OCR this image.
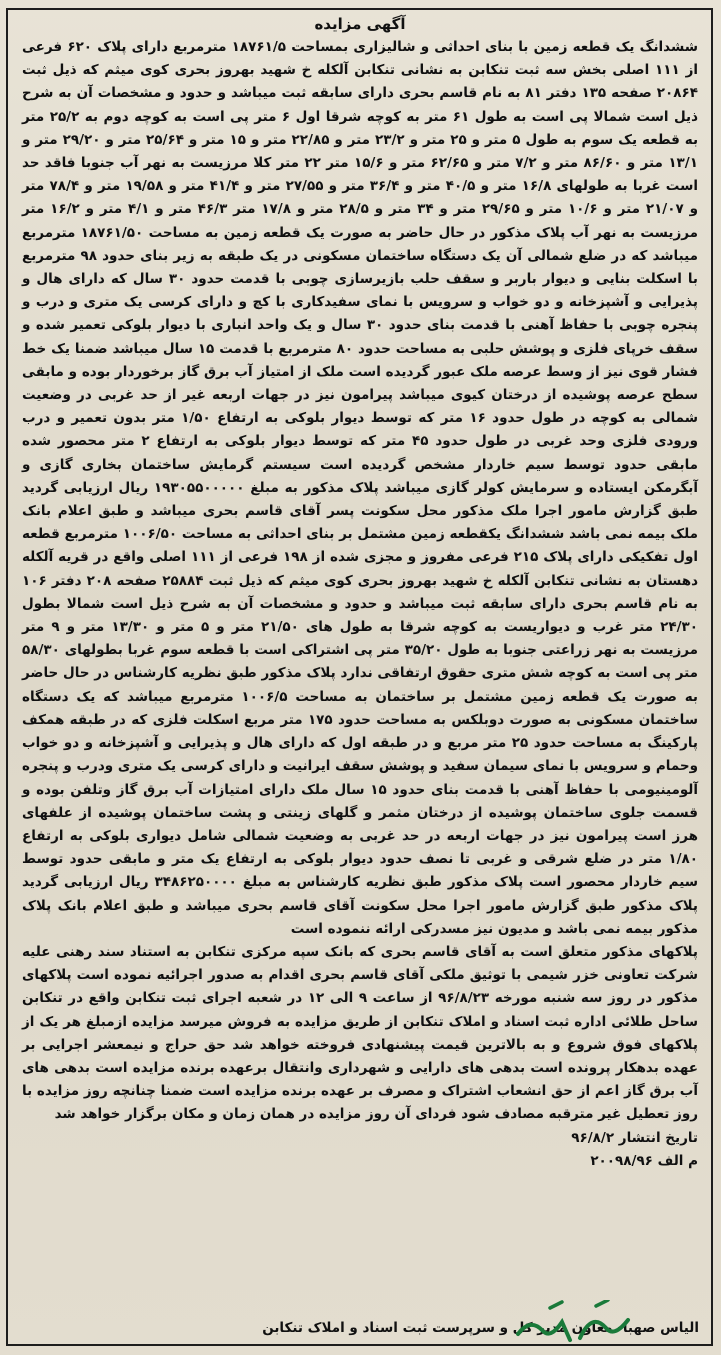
آگهی مزایده

ششدانگ یک قطعه زمین با بنای احداثی و شالیزاری بمساحت ۱۸۷۶۱/۵ مترمربع دارای پلاک ۶۲۰ فرعی از ۱۱۱ اصلی بخش سه ثبت تنکابن به نشانی تنکابن آلکله خ شهید بهروز بحری کوی میثم که ذیل ثبت ۲۰۸۶۴ صفحه ۱۳۵ دفتر ۸۱ به نام قاسم بحری دارای سابقه ثبت میباشد و حدود و مشخصات آن به شرح ذیل است شمالا پی است به طول ۶۱ متر به کوچه شرقا اول ۶ متر پی است به کوچه دوم به ۲۵/۲ متر به قطعه یک سوم به طول ۵ متر و ۲۵ متر و ۲۳/۲ متر و ۲۲/۸۵ متر و ۱۵ متر و ۲۵/۶۴ متر و ۲۹/۲۰ متر و ۱۳/۱ متر و ۸۶/۶۰ متر و ۷/۲ متر و ۶۲/۶۵ متر و ۱۵/۶ متر ۲۲ متر کلا مرزیست به نهر آب جنوبا فاقد حد است غربا به طولهای ۱۶/۸ متر و ۴۰/۵ متر و ۳۶/۴ متر و ۲۷/۵۵ متر و ۴۱/۴ متر و ۱۹/۵۸ متر و ۷۸/۴ متر و ۲۱/۰۷ متر و ۱۰/۶ متر و ۲۹/۶۵ متر و ۳۴ متر و ۲۸/۵ متر و ۱۷/۸ متر ۴۶/۳ متر و ۴/۱ متر و ۱۶/۲ متر مرزیست به نهر آب پلاک مذکور در حال حاضر به صورت یک قطعه زمین به مساحت ۱۸۷۶۱/۵۰ مترمربع میباشد که در ضلع شمالی آن یک دستگاه ساختمان مسکونی در یک طبقه به زیر بنای حدود ۹۸ مترمربع با اسکلت بنایی و دیوار باربر و سقف حلب بازیرسازی چوبی با قدمت حدود ۳۰ سال که دارای هال و پذیرایی و آشپزخانه و دو خواب و سرویس با نمای سفیدکاری با کچ و دارای کرسی یک متری و درب و پنجره چوبی با حفاظ آهنی با قدمت بنای حدود ۳۰ سال و یک واحد انباری با دیوار بلوکی تعمیر شده و سقف خرپای فلزی و پوشش حلبی به مساحت حدود ۸۰ مترمربع با قدمت ۱۵ سال میباشد ضمنا یک خط فشار قوی نیز از وسط عرصه ملک عبور گردیده است ملک از امتیاز آب برق گاز برخوردار بوده و مابقی سطح عرصه پوشیده از درختان کیوی میباشد پیرامون نیز در جهات اربعه غیر از حد غربی در وضعیت شمالی به کوچه در طول حدود ۱۶ متر که توسط دیوار بلوکی به ارتفاع ۱/۵۰ متر بدون تعمیر و درب ورودی فلزی وحد غربی در طول حدود ۴۵ متر که توسط دیوار بلوکی به ارتفاع ۲ متر محصور شده مابقی حدود توسط سیم خاردار مشخص گردیده است سیستم گرمایش ساختمان بخاری گازی و آبگرمکن ایستاده و سرمایش کولر گازی میباشد پلاک مذکور به مبلغ ۱۹۳۰۵۵۰۰۰۰۰ ریال ارزیابی گردید طبق گزارش مامور اجرا ملک مذکور محل سکونت پسر آقای قاسم بحری میباشد و طبق اعلام بانک ملک بیمه نمی باشد ششدانگ یکقطعه زمین مشتمل بر بنای احداثی به مساحت ۱۰۰۶/۵۰ مترمربع قطعه اول تفکیکی دارای پلاک ۲۱۵ فرعی مفروز و مجزی شده از ۱۹۸ فرعی از ۱۱۱ اصلی واقع در قریه آلکله دهستان به نشانی تنکابن آلکله خ شهید بهروز بحری کوی میثم که ذیل ثبت ۲۵۸۸۴ صفحه ۲۰۸ دفتر ۱۰۶ به نام قاسم بحری دارای سابقه ثبت میباشد و حدود و مشخصات آن به شرح ذیل است شمالا بطول ۲۴/۳۰ متر غرب و دیواریست به کوچه شرقا به طول های ۲۱/۵۰ متر و ۵ متر و ۱۳/۳۰ متر و ۹ متر مرزیست به نهر زراعتی جنوبا به طول ۳۵/۲۰ متر پی اشتراکی است با قطعه سوم غربا بطولهای ۵۸/۳۰ متر پی است به کوچه شش متری حقوق ارتفاقی ندارد پلاک مذکور طبق نظریه کارشناس در حال حاضر به صورت یک قطعه زمین مشتمل بر ساختمان به مساحت ۱۰۰۶/۵ مترمربع میباشد که یک دستگاه ساختمان مسکونی به صورت دوبلکس به مساحت حدود ۱۷۵ متر مربع اسکلت فلزی که در طبقه همکف پارکینگ به مساحت حدود ۲۵ متر مربع و در طبقه اول که دارای هال و پذیرایی و آشپزخانه و دو خواب وحمام و سرویس با نمای سیمان سفید و پوشش سقف ایرانیت و دارای کرسی یک متری ودرب و پنجره آلومینیومی با حفاظ آهنی با قدمت بنای حدود ۱۵ سال ملک دارای امتیازات آب برق گاز وتلفن بوده و قسمت جلوی ساختمان پوشیده از درختان مثمر و گلهای زینتی و پشت ساختمان پوشیده از علفهای هرز است پیرامون نیز در جهات اربعه در حد غربی به وضعیت شمالی شامل دیواری بلوکی به ارتفاع ۱/۸۰ متر در ضلع شرقی و غربی تا نصف حدود دیوار بلوکی به ارتفاع یک متر و مابقی حدود توسط سیم خاردار محصور است پلاک مذکور طبق نظریه کارشناس به مبلغ ۳۴۸۶۲۵۰۰۰۰ ریال ارزیابی گردید پلاک مذکور طبق گزارش مامور اجرا محل سکونت آقای قاسم بحری میباشد و طبق اعلام بانک پلاک مذکور بیمه نمی باشد و مدیون نیز مسدرکی ارائه ننموده است

پلاکهای مذکور متعلق است به آقای قاسم بحری که بانک سپه مرکزی تنکابن به استناد سند رهنی علیه شرکت تعاونی خزر شیمی با توثیق ملکی آقای قاسم بحری اقدام به صدور اجرائیه نموده است پلاکهای مذکور در روز سه شنبه مورخه ۹۶/۸/۲۳ از ساعت ۹ الی ۱۲ در شعبه اجرای ثبت تنکابن واقع در تنکابن ساحل طلائی اداره ثبت اسناد و املاک تنکابن از طریق مزایده به فروش میرسد مزایده ازمبلغ هر یک از پلاکهای فوق شروع و به بالاترین قیمت پیشنهادی فروخته خواهد شد حق حراج و نیمعشر اجرایی بر عهده بدهکار پرونده است بدهی های دارایی و شهرداری وانتقال برعهده برنده مزایده است بدهی های آب برق گاز اعم از حق انشعاب اشتراک و مصرف بر عهده برنده مزایده است ضمنا چنانچه روز مزایده با روز تعطیل غیر مترقبه مصادف شود فردای آن روز مزایده در همان زمان و مکان برگزار خواهد شد

تاریخ انتشار ۹۶/۸/۲

م الف ۲۰۰۹۸/۹۶

الیاس صهبا- معاون مدیر کل و سرپرست ثبت اسناد و املاک تنکابن
